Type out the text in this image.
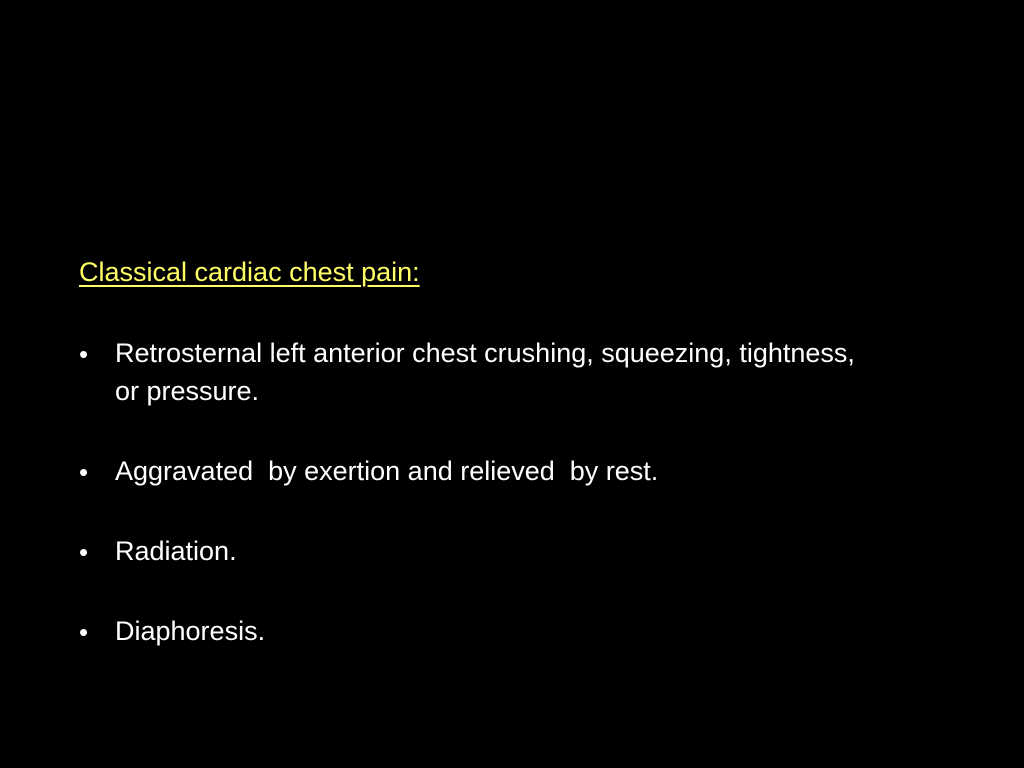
Classical cardiac chest pain:
• Retrosternal left anterior chest crushing, squeezing, tightness, or pressure.
• Aggravated  by exertion and relieved  by rest.
• Radiation.
• Diaphoresis.
